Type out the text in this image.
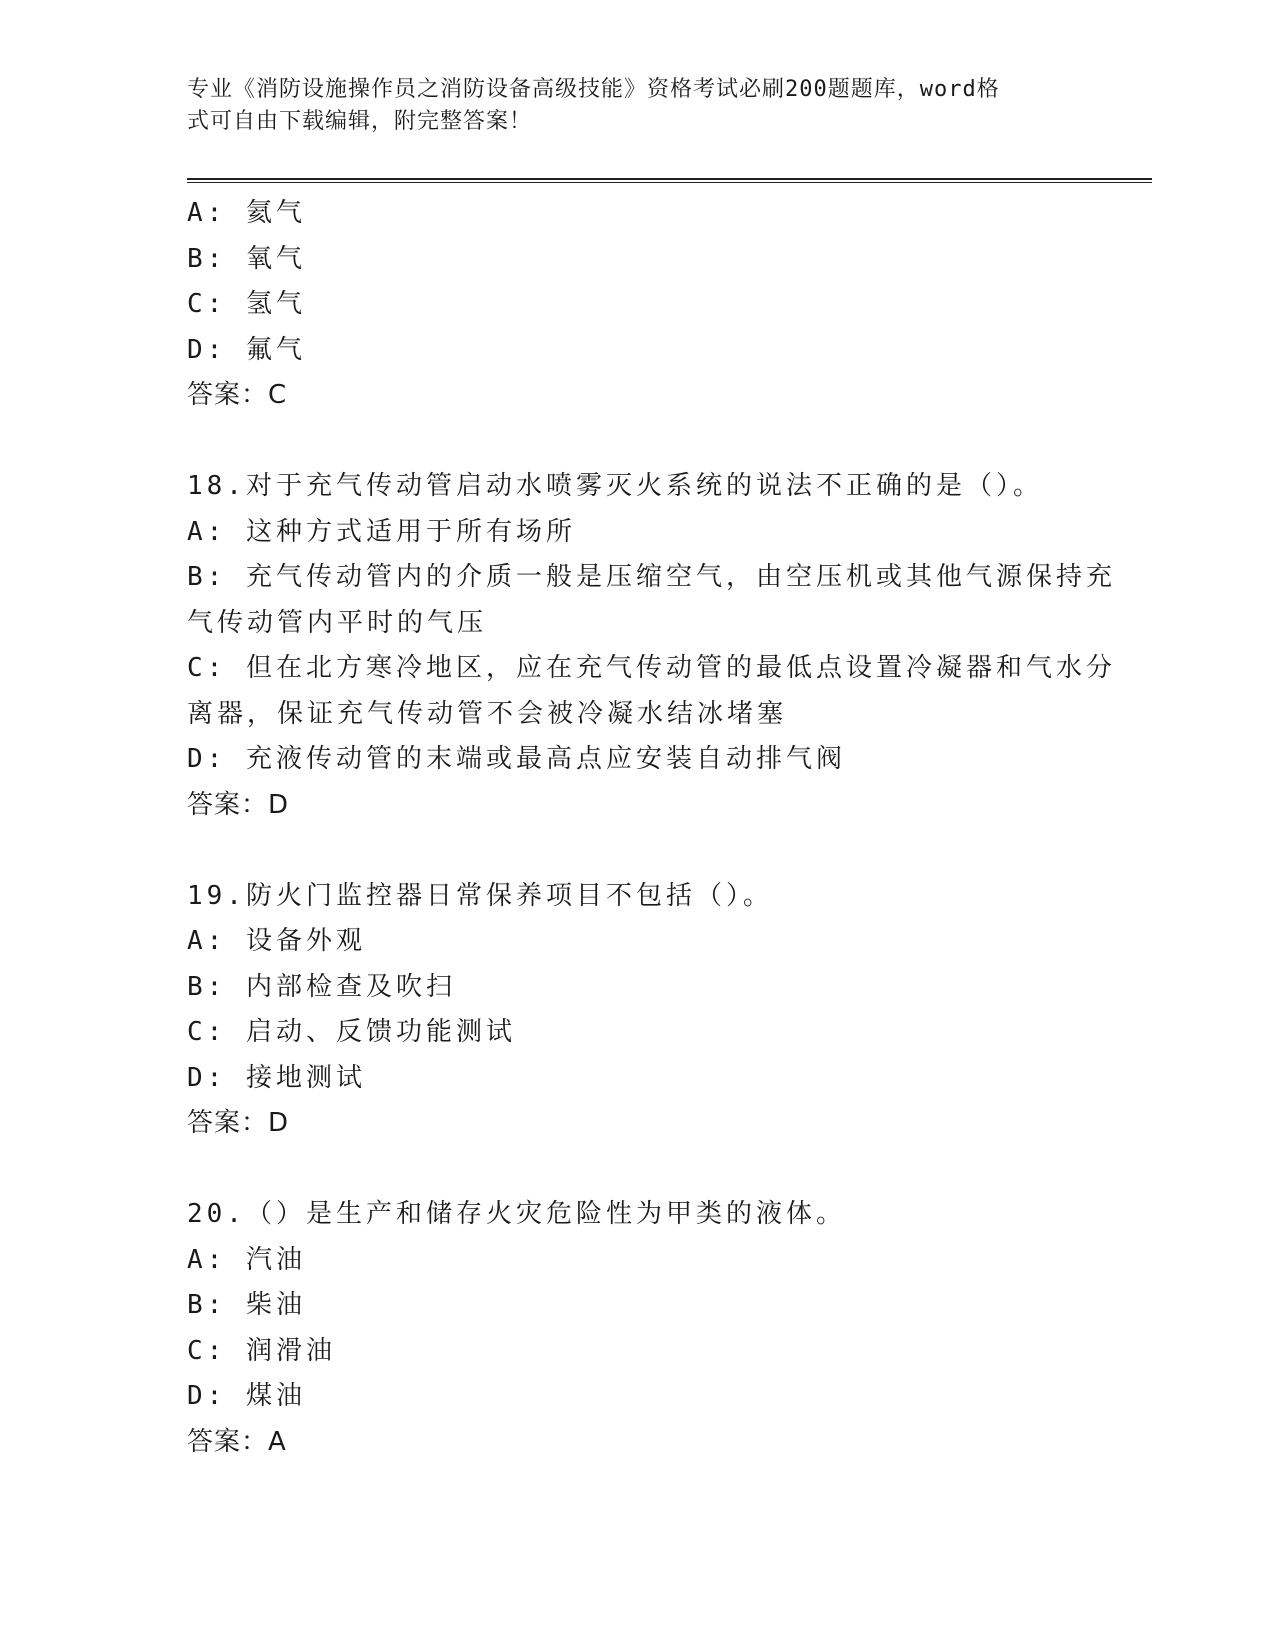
专业《消防设施操作员之消防设备高级技能》资格考试必刷200题题库，word格
式可自由下载编辑，附完整答案！
A: 氦气
B: 氧气
C: 氢气
D: 氟气
答案：C
18.对于充气传动管启动水喷雾灭火系统的说法不正确的是（）。
A: 这种方式适用于所有场所
B: 充气传动管内的介质一般是压缩空气，由空压机或其他气源保持充
气传动管内平时的气压
C: 但在北方寒冷地区，应在充气传动管的最低点设置冷凝器和气水分
离器，保证充气传动管不会被冷凝水结冰堵塞
D: 充液传动管的末端或最高点应安装自动排气阀
答案：D
19.防火门监控器日常保养项目不包括（）。
A: 设备外观
B: 内部检查及吹扫
C: 启动、反馈功能测试
D: 接地测试
答案：D
20.（）是生产和储存火灾危险性为甲类的液体。
A: 汽油
B: 柴油
C: 润滑油
D: 煤油
答案：A
